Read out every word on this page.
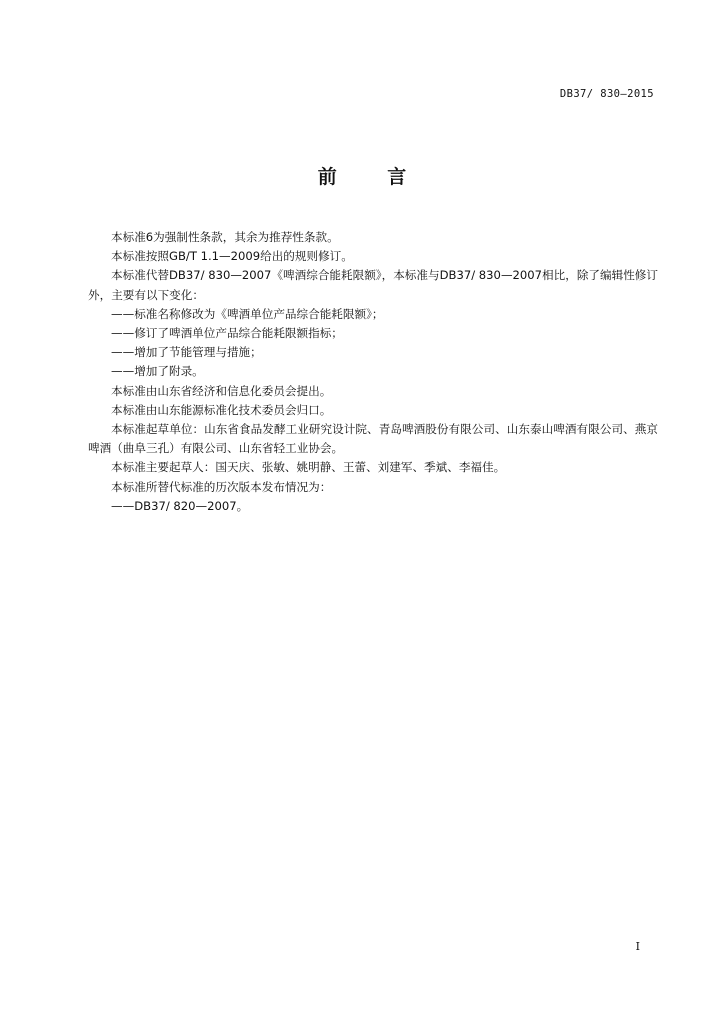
DB37/ 830—2015
前 言

本标准6为强制性条款，其余为推荐性条款。

本标准按照GB/T 1.1—2009给出的规则修订。

本标准代替DB37/ 830—2007《啤酒综合能耗限额》，本标准与DB37/ 830—2007相比，除了编辑性修订外，主要有以下变化：

——标准名称修改为《啤酒单位产品综合能耗限额》；

——修订了啤酒单位产品综合能耗限额指标；

——增加了节能管理与措施；

——增加了附录。

本标准由山东省经济和信息化委员会提出。

本标准由山东能源标准化技术委员会归口。

本标准起草单位：山东省食品发酵工业研究设计院、青岛啤酒股份有限公司、山东泰山啤酒有限公司、燕京啤酒（曲阜三孔）有限公司、山东省轻工业协会。

本标准主要起草人：国天庆、张敏、姚明静、王蕾、刘建军、季斌、李福佳。

本标准所替代标准的历次版本发布情况为：

——DB37/ 820—2007。

I
